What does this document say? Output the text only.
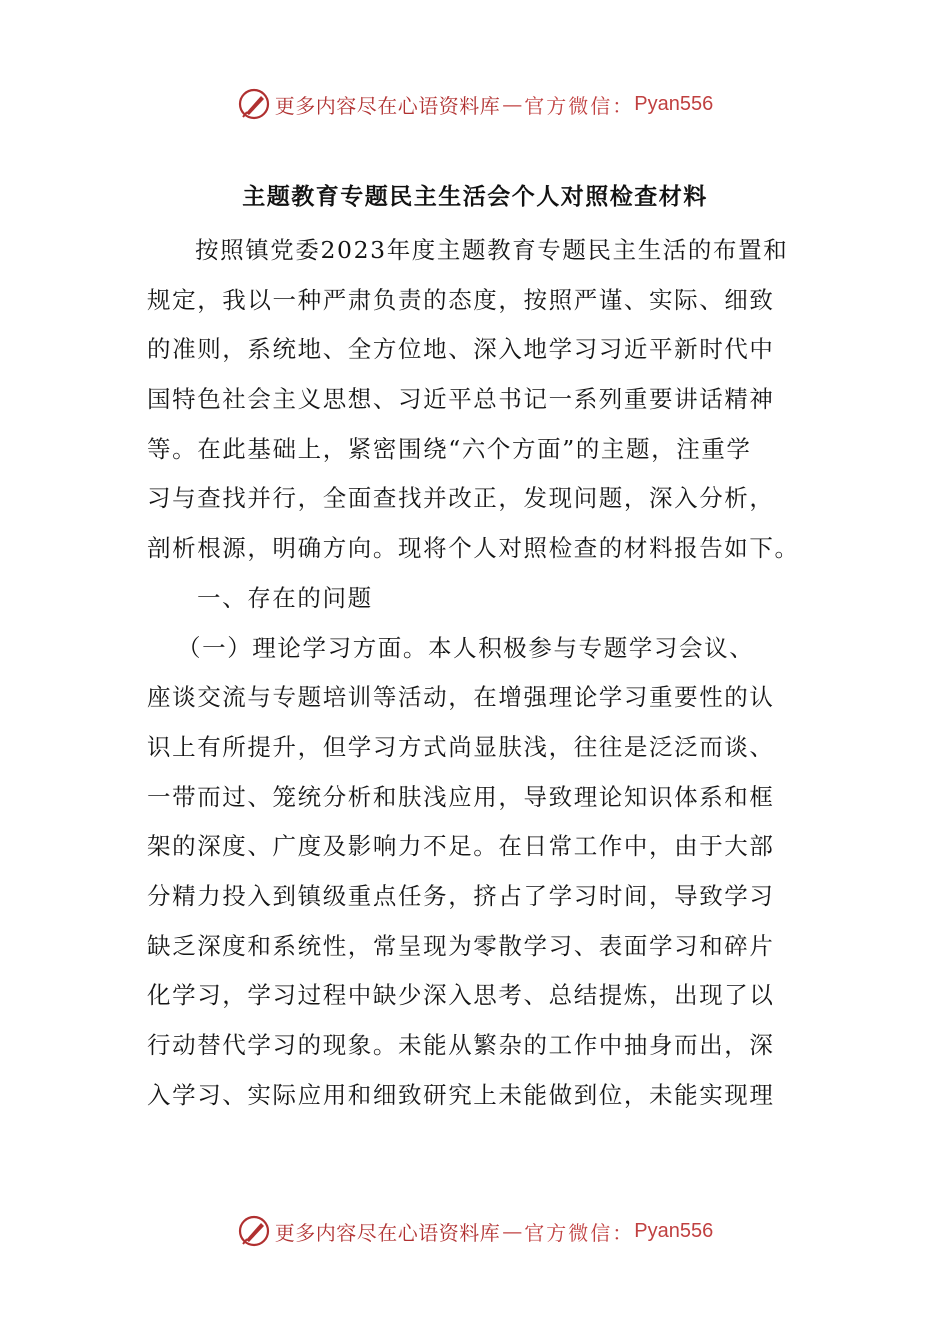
更多内容尽在心语资料库 — 官方微信： Pyan556
主题教育专题民主生活会个人对照检查材料
按照镇党委2023年度主题教育专题民主生活的布置和
规定，我以一种严肃负责的态度，按照严谨、实际、细致
的准则，系统地、全方位地、深入地学习习近平新时代中
国特色社会主义思想、习近平总书记一系列重要讲话精神
等。在此基础上，紧密围绕“六个方面”的主题，注重学
习与查找并行，全面查找并改正，发现问题，深入分析，
剖析根源，明确方向。现将个人对照检查的材料报告如下。
一、存在的问题
（一）理论学习方面。本人积极参与专题学习会议、
座谈交流与专题培训等活动，在增强理论学习重要性的认
识上有所提升，但学习方式尚显肤浅，往往是泛泛而谈、
一带而过、笼统分析和肤浅应用，导致理论知识体系和框
架的深度、广度及影响力不足。在日常工作中，由于大部
分精力投入到镇级重点任务，挤占了学习时间，导致学习
缺乏深度和系统性，常呈现为零散学习、表面学习和碎片
化学习，学习过程中缺少深入思考、总结提炼，出现了以
行动替代学习的现象。未能从繁杂的工作中抽身而出，深
入学习、实际应用和细致研究上未能做到位，未能实现理
更多内容尽在心语资料库 — 官方微信： Pyan556
